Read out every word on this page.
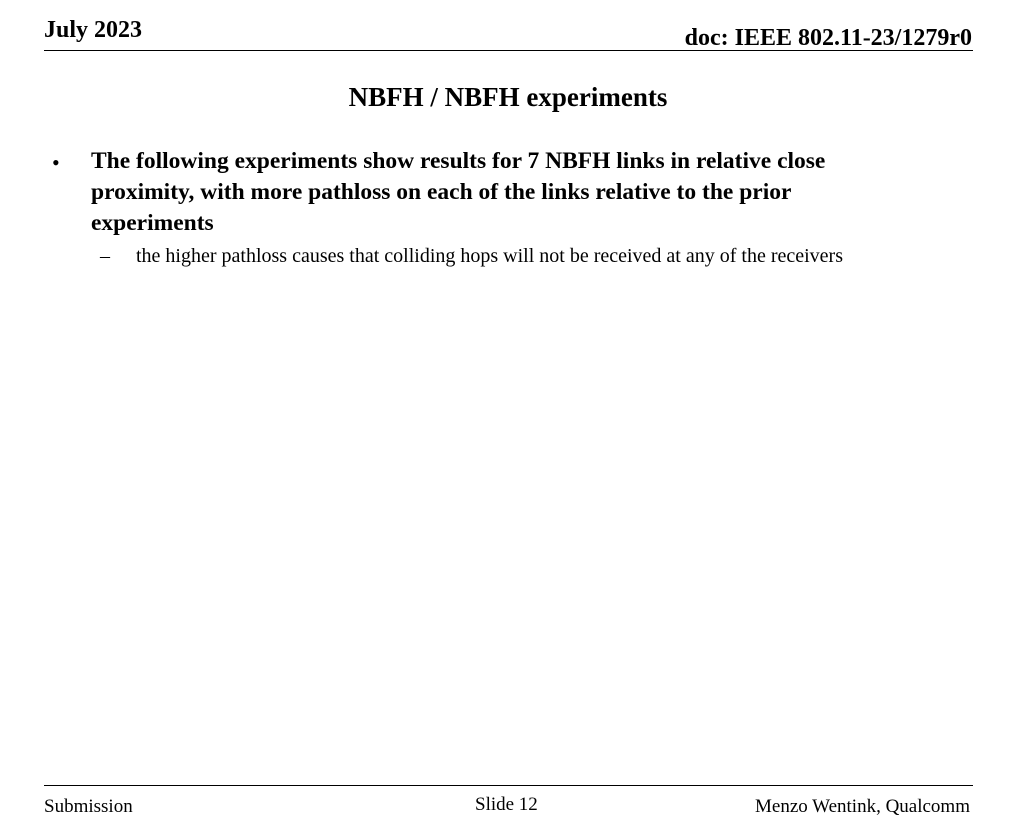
July 2023	doc: IEEE 802.11-23/1279r0
NBFH / NBFH experiments
• The following experiments show results for 7 NBFH links in relative close proximity, with more pathloss on each of the links relative to the prior experiments
– the higher pathloss causes that colliding hops will not be received at any of the receivers
Submission	Slide 12	Menzo Wentink, Qualcomm
